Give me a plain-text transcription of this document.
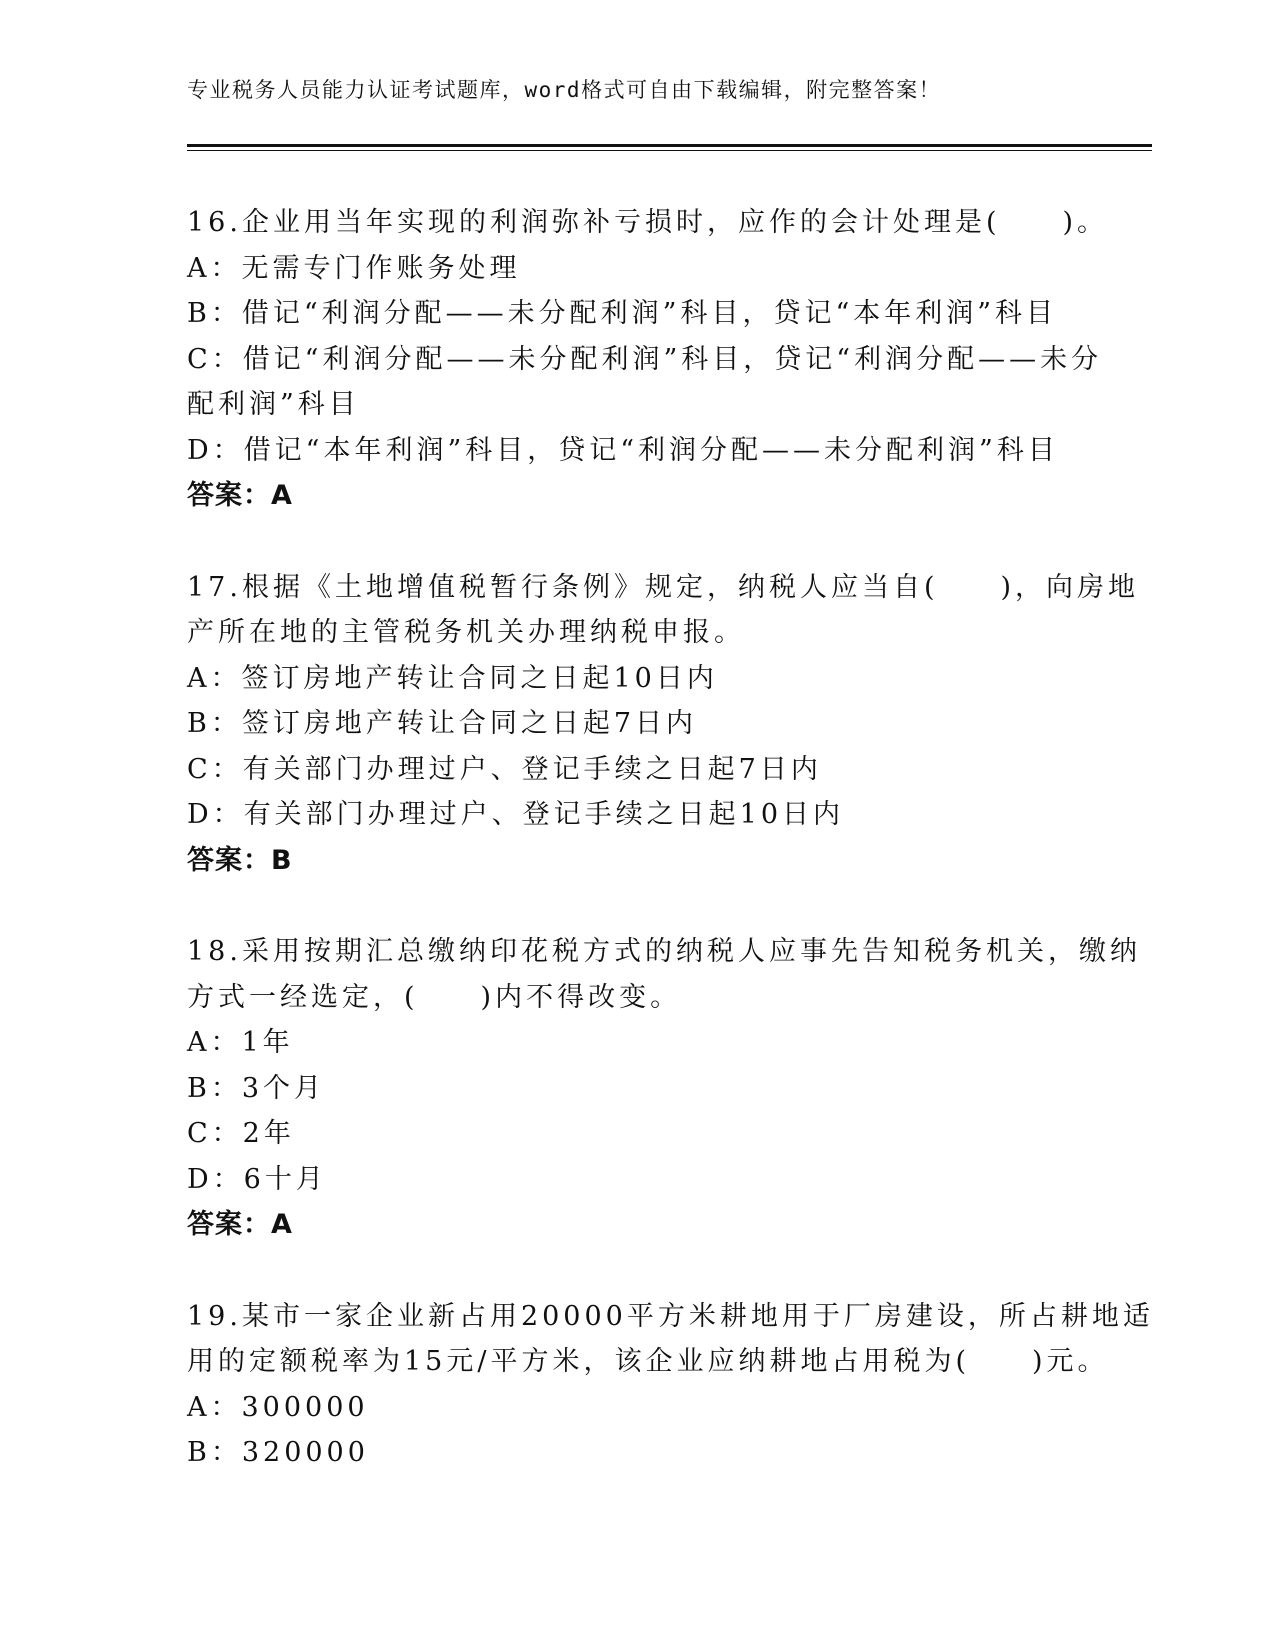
专业税务人员能力认证考试题库，word格式可自由下载编辑，附完整答案！
16.企业用当年实现的利润弥补亏损时，应作的会计处理是(　　)。
A：无需专门作账务处理
B：借记“利润分配——未分配利润”科目，贷记“本年利润”科目
C：借记“利润分配——未分配利润”科目，贷记“利润分配——未分
配利润”科目
D：借记“本年利润”科目，贷记“利润分配——未分配利润”科目
答案：A
17.根据《土地增值税暂行条例》规定，纳税人应当自(　　)，向房地
产所在地的主管税务机关办理纳税申报。
A：签订房地产转让合同之日起10日内
B：签订房地产转让合同之日起7日内
C：有关部门办理过户、登记手续之日起7日内
D：有关部门办理过户、登记手续之日起10日内
答案：B
18.采用按期汇总缴纳印花税方式的纳税人应事先告知税务机关，缴纳
方式一经选定，(　　)内不得改变。
A：1年
B：3个月
C：2年
D：6十月
答案：A
19.某市一家企业新占用20000平方米耕地用于厂房建设，所占耕地适
用的定额税率为15元/平方米，该企业应纳耕地占用税为(　　)元。
A：300000
B：320000
